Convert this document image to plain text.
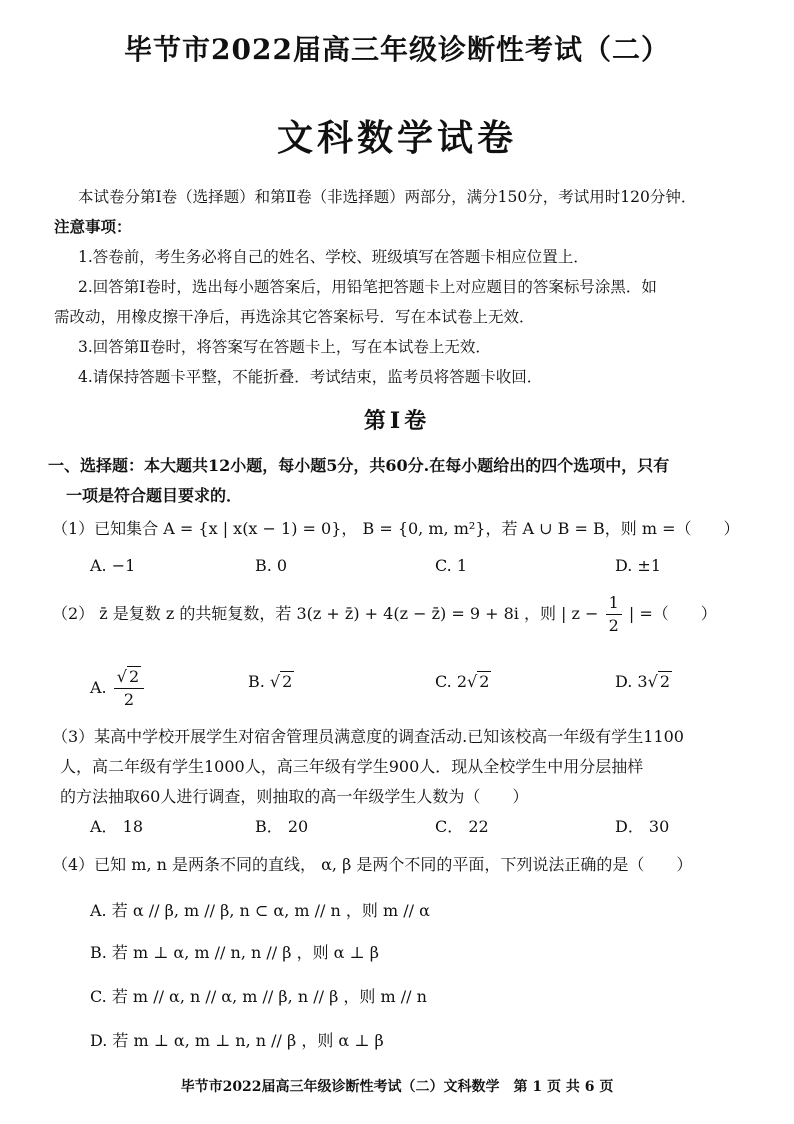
毕节市2022届高三年级诊断性考试（二）
文科数学试卷
本试卷分第Ⅰ卷（选择题）和第Ⅱ卷（非选择题）两部分，满分150分，考试用时120分钟．
注意事项：
1.答卷前，考生务必将自己的姓名、学校、班级填写在答题卡相应位置上．
2.回答第Ⅰ卷时，选出每小题答案后，用铅笔把答题卡上对应题目的答案标号涂黑．如
需改动，用橡皮擦干净后，再选涂其它答案标号．写在本试卷上无效．
3.回答第Ⅱ卷时，将答案写在答题卡上，写在本试卷上无效．
4.请保持答题卡平整，不能折叠．考试结束，监考员将答题卡收回．
第Ⅰ卷
一、选择题：本大题共12小题，每小题5分，共60分.在每小题给出的四个选项中，只有
一项是符合题目要求的．
（1）已知集合 A = {x | x(x − 1) = 0}， B = {0, m, m²}，若 A ∪ B = B，则 m =（　　）
A. −1	B. 0	C. 1	D. ±1
（2） z̄ 是复数 z 的共轭复数，若 3(z + z̄) + 4(z − z̄) = 9 + 8i ，则 | $z - \frac{1}{2}$ | =（　　）
A. $\frac{√ 2}{2}$	B. √ 2	C. 2√ 2	D. 3√ 2
（3）某高中学校开展学生对宿舍管理员满意度的调查活动.已知该校高一年级有学生1100
人，高二年级有学生1000人，高三年级有学生900人．现从全校学生中用分层抽样
的方法抽取60人进行调查，则抽取的高一年级学生人数为（　　）
A． 18	B． 20	C． 22	D． 30
（4）已知 m, n 是两条不同的直线， α, β 是两个不同的平面，下列说法正确的是（　　）
A. 若 α // β, m // β, n ⊂ α, m // n ，则 m // α
B. 若 m ⊥ α, m // n, n // β ，则 α ⊥ β
C. 若 m // α, n // α, m // β, n // β ，则 m // n
D. 若 m ⊥ α, m ⊥ n, n // β ，则 α ⊥ β
毕节市2022届高三年级诊断性考试（二）文科数学　第 1 页 共 6 页
